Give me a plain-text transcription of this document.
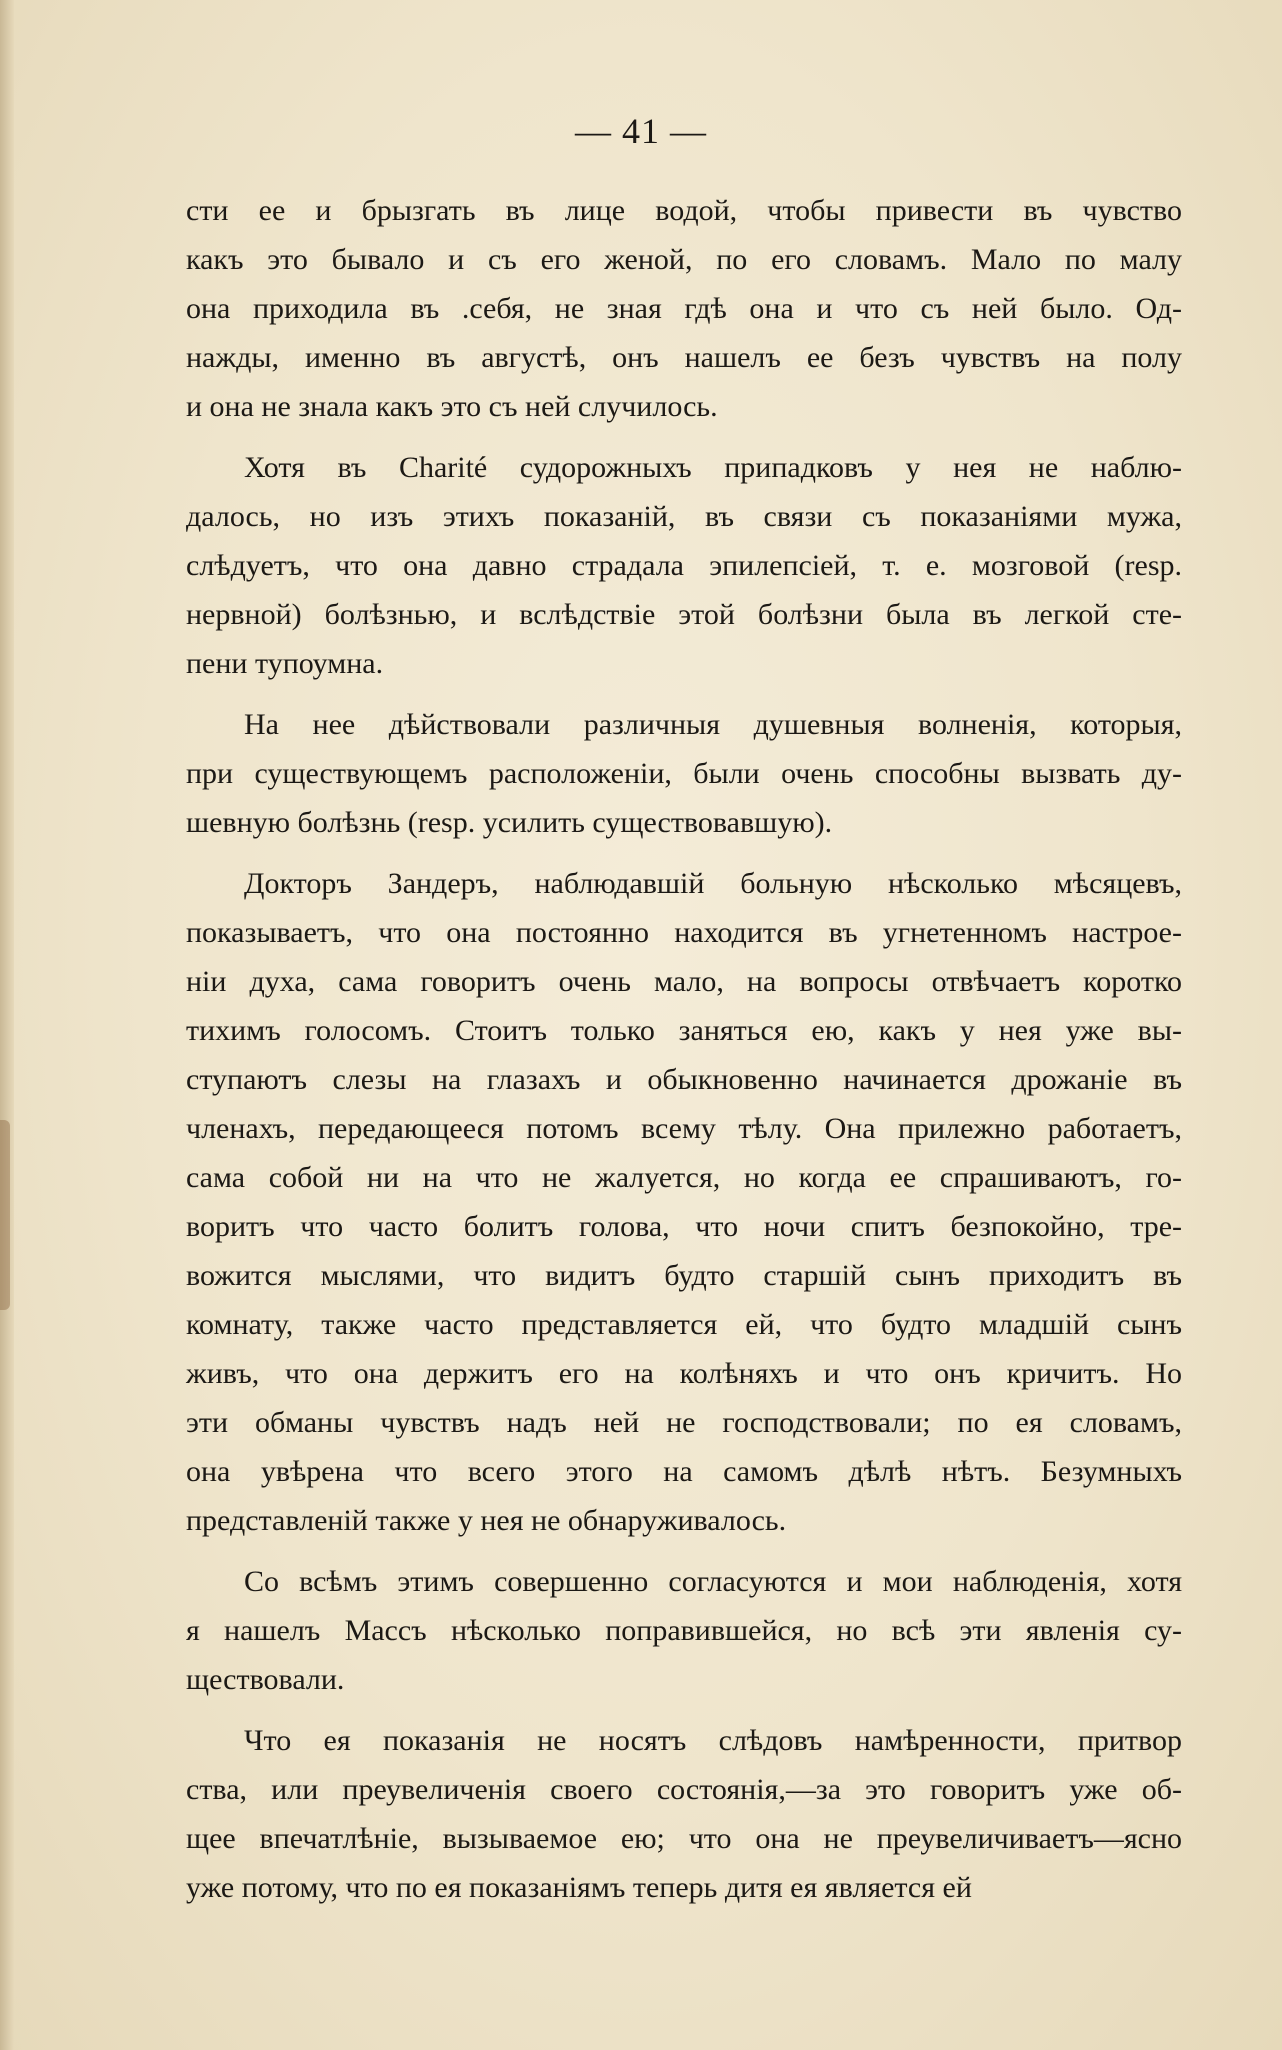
— 41 —
сти ее и брызгать въ лице водой, чтобы привести въ чувство
какъ это бывало и съ его женой, по его словамъ. Мало по малу
она приходила въ .себя, не зная гдѣ она и что съ ней было. Од-
нажды, именно въ августѣ, онъ нашелъ ее безъ чувствъ на полу
и она не знала какъ это съ ней случилось.
Хотя въ Charité судорожныхъ припадковъ у нея не наблю-
далось, но изъ этихъ показаній, въ связи съ показаніями мужа,
слѣдуетъ, что она давно страдала эпилепсіей, т. е. мозговой (resp.
нервной) болѣзнью, и вслѣдствіе этой болѣзни была въ легкой сте-
пени тупоумна.
На нее дѣйствовали различныя душевныя волненія, которыя,
при существующемъ расположеніи, были очень способны вызвать ду-
шевную болѣзнь (resp. усилить существовавшую).
Докторъ Зандеръ, наблюдавшій больную нѣсколько мѣсяцевъ,
показываетъ, что она постоянно находится въ угнетенномъ настрое-
ніи духа, сама говоритъ очень мало, на вопросы отвѣчаетъ коротко
тихимъ голосомъ. Стоитъ только заняться ею, какъ у нея уже вы-
ступаютъ слезы на глазахъ и обыкновенно начинается дрожаніе въ
членахъ, передающееся потомъ всему тѣлу. Она прилежно работаетъ,
сама собой ни на что не жалуется, но когда ее спрашиваютъ, го-
воритъ что часто болитъ голова, что ночи спитъ безпокойно, тре-
вожится мыслями, что видитъ будто старшій сынъ приходитъ въ
комнату, также часто представляется ей, что будто младшій сынъ
живъ, что она держитъ его на колѣняхъ и что онъ кричитъ. Но
эти обманы чувствъ надъ ней не господствовали; по ея словамъ,
она увѣрена что всего этого на самомъ дѣлѣ нѣтъ. Безумныхъ
представленій также у нея не обнаруживалось.
Со всѣмъ этимъ совершенно согласуются и мои наблюденія, хотя
я нашелъ Массъ нѣсколько поправившейся, но всѣ эти явленія су-
ществовали.
Что ея показанія не носятъ слѣдовъ намѣренности, притвор
ства, или преувеличенія своего состоянія,—за это говоритъ уже об-
щее впечатлѣніе, вызываемое ею; что она не преувеличиваетъ—ясно
уже потому, что по ея показаніямъ теперь дитя ея является ей
